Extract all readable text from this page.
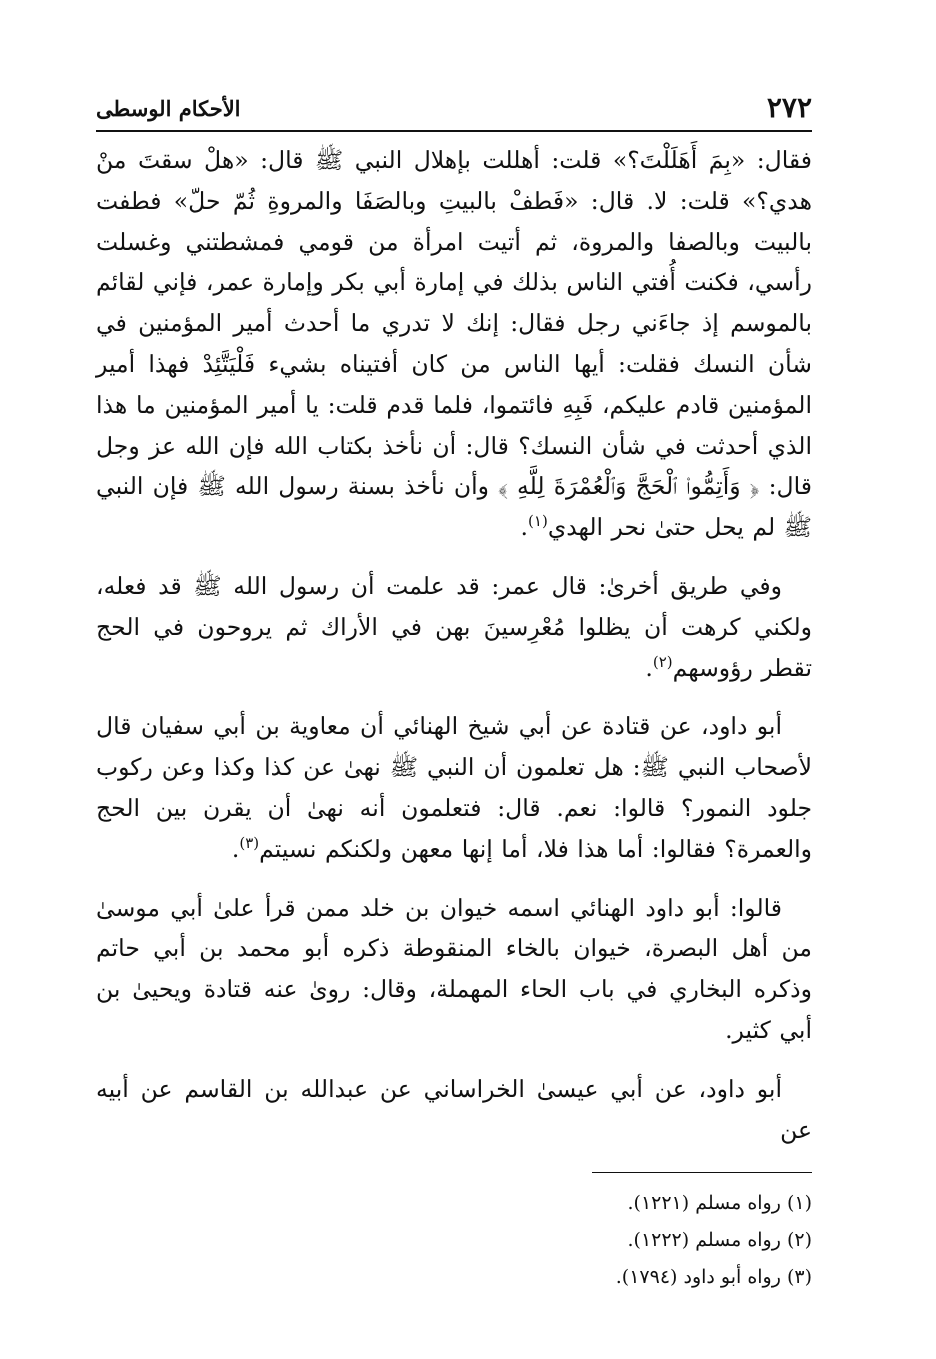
٢٧٢
الأحكام الوسطى

فقال: «بِمَ أَهَلَلْتَ؟» قلت: أهللت بإهلال النبي ﷺ قال: «هلْ سقتَ منْ هدي؟» قلت: لا. قال: «فَطفْ بالبيتِ وبالصَفَا والمروةِ ثُمّ حلّ» فطفت بالبيت وبالصفا والمروة، ثم أتيت امرأة من قومي فمشطتني وغسلت رأسي، فكنت أُفتي الناس بذلك في إمارة أبي بكر وإمارة عمر، فإني لقائم بالموسم إذ جاءَني رجل فقال: إنك لا تدري ما أحدث أمير المؤمنين في شأن النسك فقلت: أيها الناس من كان أفتيناه بشيء فَلْيَتَّئِدْ فهذا أمير المؤمنين قادم عليكم، فَبِهِ فائتموا، فلما قدم قلت: يا أمير المؤمنين ما هذا الذي أحدثت في شأن النسك؟ قال: أن نأخذ بكتاب الله فإن الله عز وجل قال: ﴿ وَأَتِمُّوا۟ ٱلْحَجَّ وَٱلْعُمْرَةَ لِلَّهِ ﴾ وأن نأخذ بسنة رسول الله ﷺ فإن النبي ﷺ لم يحل حتىٰ نحر الهدي$^{(١)}$.

وفي طريق أخرىٰ: قال عمر: قد علمت أن رسول الله ﷺ قد فعله، ولكني كرهت أن يظلوا مُعْرِسينَ بهن في الأراك ثم يروحون في الحج تقطر رؤوسهم$^{(٢)}$.

أبو داود، عن قتادة عن أبي شيخ الهنائي أن معاوية بن أبي سفيان قال لأصحاب النبي ﷺ: هل تعلمون أن النبي ﷺ نهىٰ عن كذا وكذا وعن ركوب جلود النمور؟ قالوا: نعم. قال: فتعلمون أنه نهىٰ أن يقرن بين الحج والعمرة؟ فقالوا: أما هذا فلا، أما إنها معهن ولكنكم نسيتم$^{(٣)}$.

قالوا: أبو داود الهنائي اسمه خيوان بن خلد ممن قرأ علىٰ أبي موسىٰ من أهل البصرة، خيوان بالخاء المنقوطة ذكره أبو محمد بن أبي حاتم وذكره البخاري في باب الحاء المهملة، وقال: روىٰ عنه قتادة ويحيىٰ بن أبي كثير.

أبو داود، عن أبي عيسىٰ الخراساني عن عبدالله بن القاسم عن أبيه عن

(١) رواه مسلم (١٢٢١).

(٢) رواه مسلم (١٢٢٢).

(٣) رواه أبو داود (١٧٩٤).
